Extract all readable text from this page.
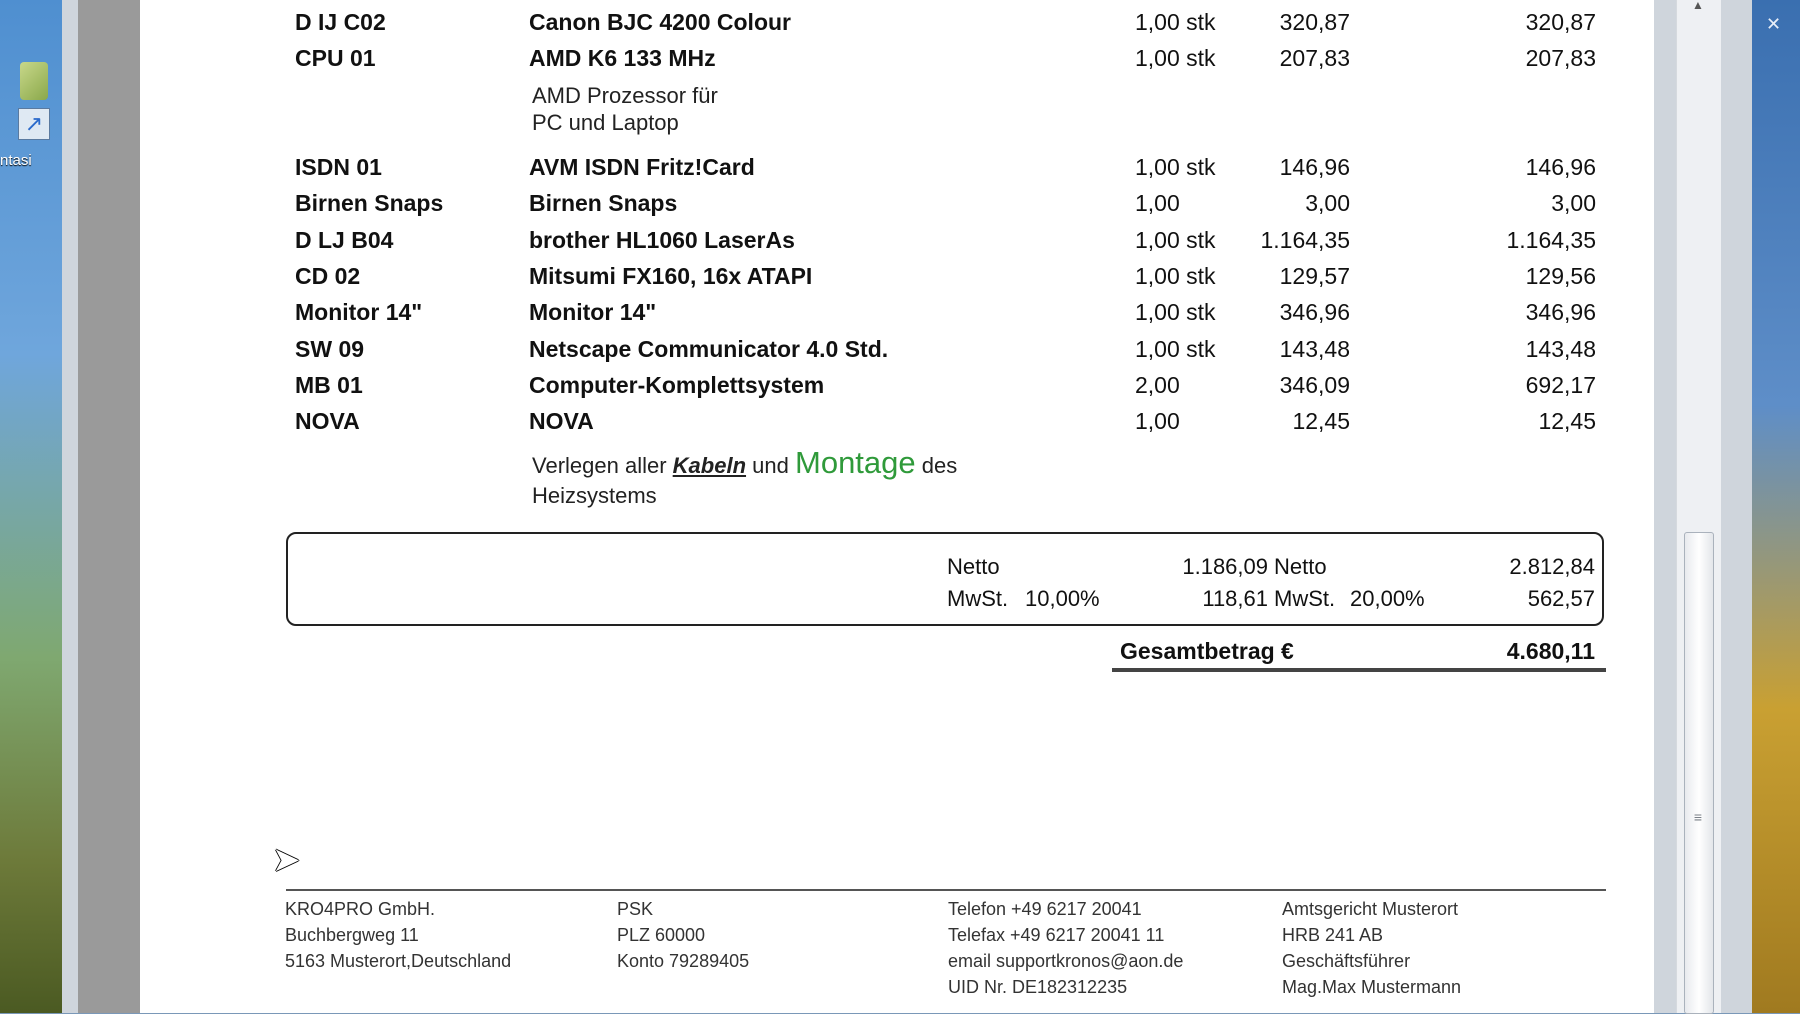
↗
ntasi
▲
≡
✕
D IJ C02	Canon BJC 4200 Colour	1,00 stk	320,87	320,87
CPU 01	AMD K6 133 MHz	1,00 stk	207,83	207,83
AMD Prozessor für
PC und Laptop
ISDN 01	AVM ISDN Fritz!Card	1,00 stk	146,96	146,96
Birnen Snaps	Birnen Snaps	1,00	3,00	3,00
D LJ B04	brother HL1060 LaserAs	1,00 stk	1.164,35	1.164,35
CD 02	Mitsumi FX160, 16x ATAPI	1,00 stk	129,57	129,56
Monitor 14"	Monitor 14"	1,00 stk	346,96	346,96
SW 09	Netscape Communicator 4.0 Std.	1,00 stk	143,48	143,48
MB 01	Computer-Komplettsystem	2,00	346,09	692,17
NOVA	NOVA	1,00	12,45	12,45
Verlegen aller Kabeln und Montage des
Heizsystems
Netto	1.186,09 Netto	2.812,84
MwSt. 10,00%	118,61 MwSt. 20,00%	562,57
Gesamtbetrag €	4.680,11
➤
KRO4PRO GmbH.
Buchbergweg 11
5163 Musterort,Deutschland
PSK
PLZ 60000
Konto 79289405
Telefon +49 6217 20041
Telefax +49 6217 20041 11
email supportkronos@aon.de
UID Nr. DE182312235
Amtsgericht Musterort
HRB 241 AB
Geschäftsführer
Mag.Max Mustermann
